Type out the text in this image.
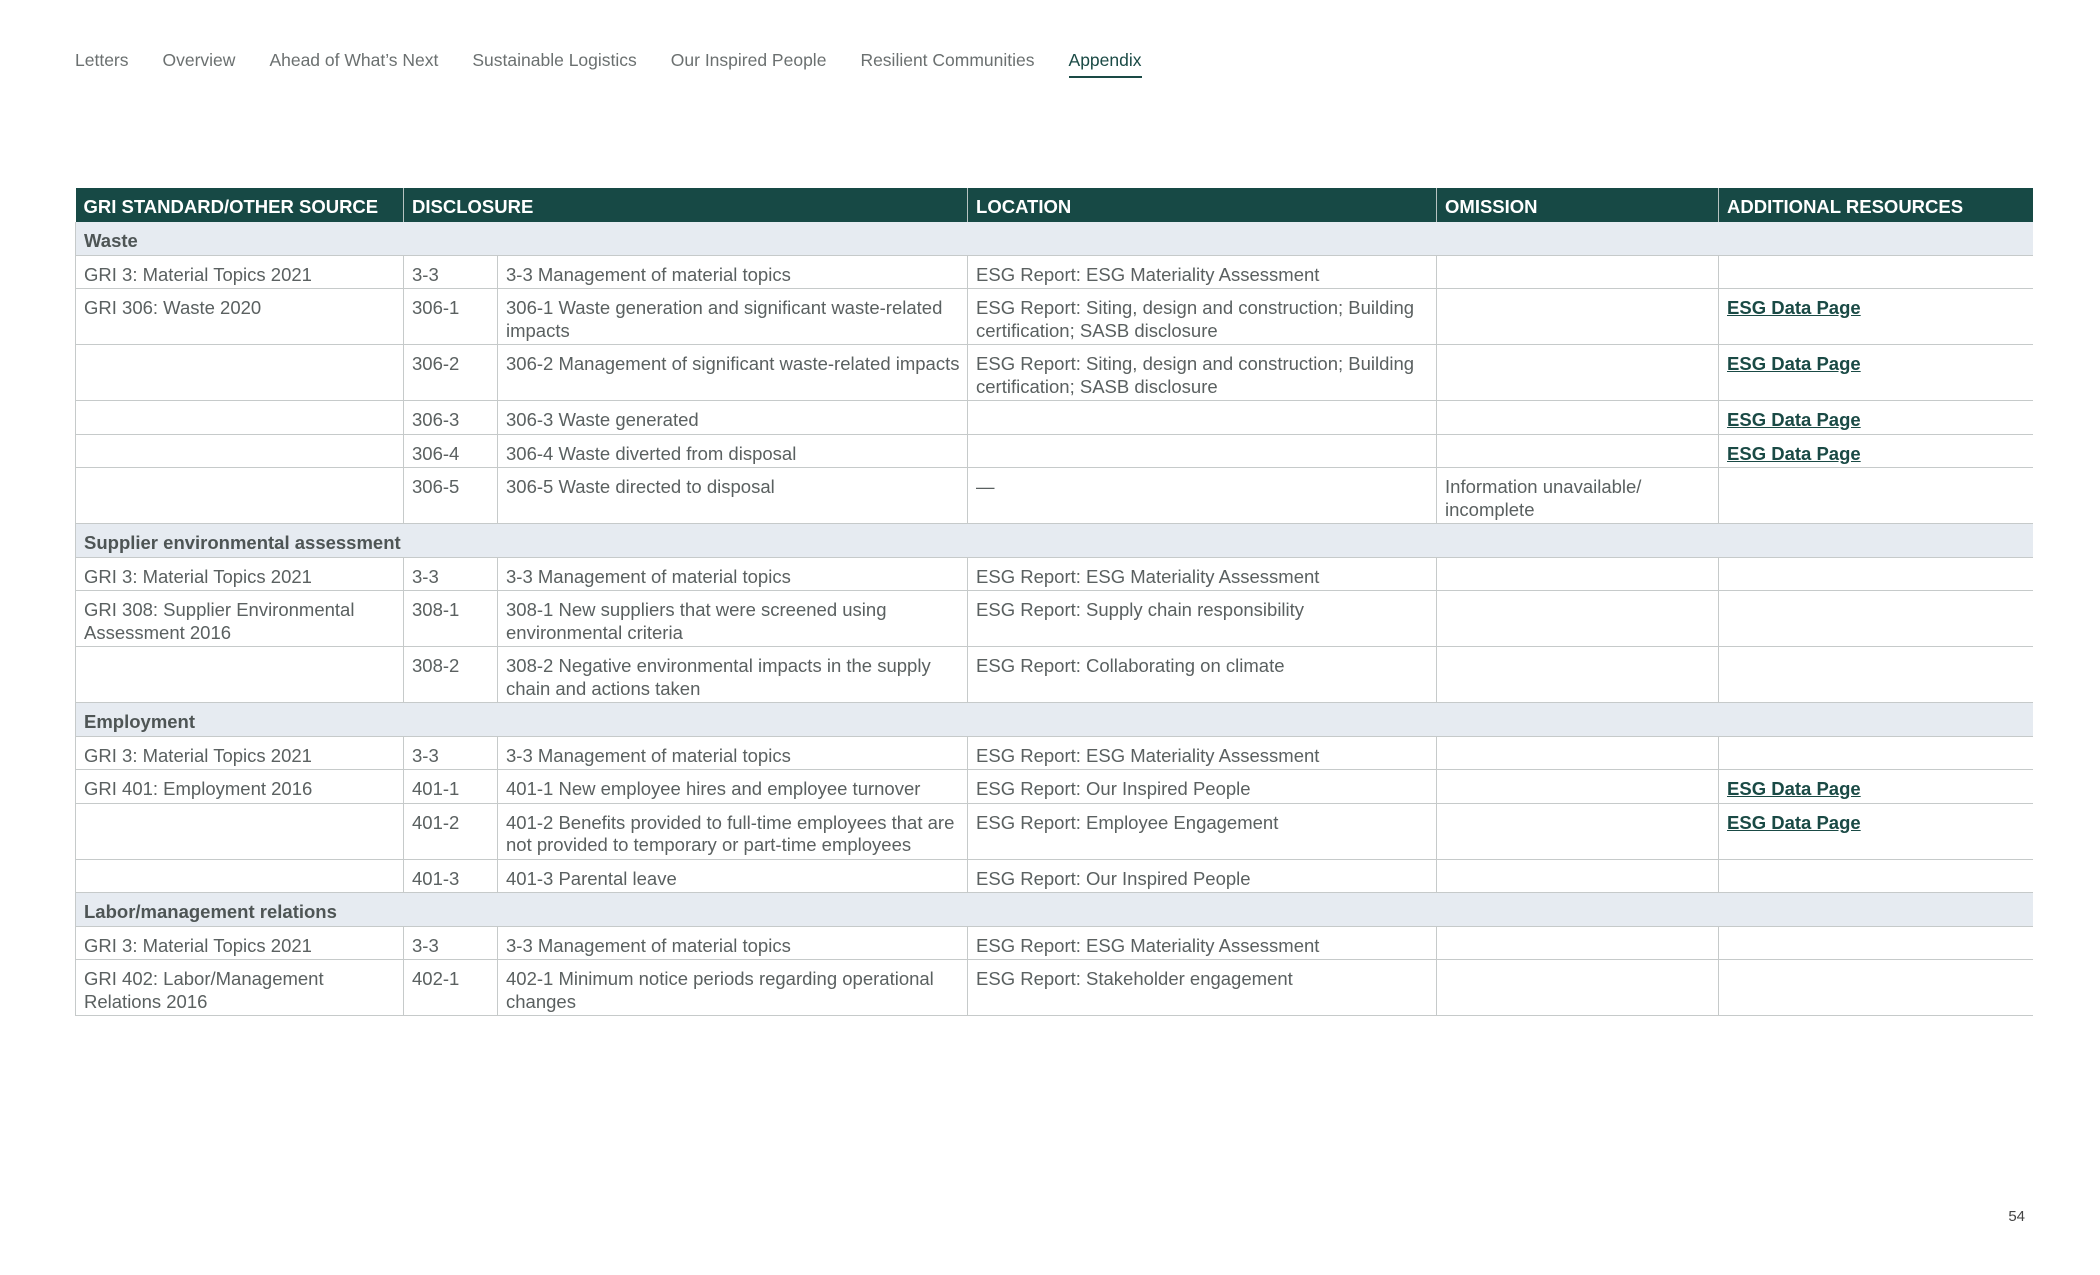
Letters Overview Ahead of What’s Next Sustainable Logistics Our Inspired People Resilient Communities Appendix
GRI STANDARD/OTHER SOURCE	DISCLOSURE		LOCATION	OMISSION	ADDITIONAL RESOURCES
Waste					
GRI 3: Material Topics 2021	3-3	3-3 Management of material topics	ESG Report: ESG Materiality Assessment		
GRI 306: Waste 2020	306-1	306-1 Waste generation and significant waste-related impacts	ESG Report: Siting, design and construction; Building certification; SASB disclosure		ESG Data Page
	306-2	306-2 Management of significant waste-related impacts	ESG Report: Siting, design and construction; Building certification; SASB disclosure		ESG Data Page
	306-3	306-3 Waste generated			ESG Data Page
	306-4	306-4 Waste diverted from disposal			ESG Data Page
	306-5	306-5 Waste directed to disposal	—	Information unavailable/ incomplete	
Supplier environmental assessment					
GRI 3: Material Topics 2021	3-3	3-3 Management of material topics	ESG Report: ESG Materiality Assessment		
GRI 308: Supplier Environmental Assessment 2016	308-1	308-1 New suppliers that were screened using environmental criteria	ESG Report: Supply chain responsibility		
	308-2	308-2 Negative environmental impacts in the supply chain and actions taken	ESG Report: Collaborating on climate		
Employment					
GRI 3: Material Topics 2021	3-3	3-3 Management of material topics	ESG Report: ESG Materiality Assessment		
GRI 401: Employment 2016	401-1	401-1 New employee hires and employee turnover	ESG Report: Our Inspired People		ESG Data Page
	401-2	401-2 Benefits provided to full-time employees that are not provided to temporary or part-time employees	ESG Report: Employee Engagement		ESG Data Page
	401-3	401-3 Parental leave	ESG Report: Our Inspired People		
Labor/management relations					
GRI 3: Material Topics 2021	3-3	3-3 Management of material topics	ESG Report: ESG Materiality Assessment		
GRI 402: Labor/Management Relations 2016	402-1	402-1 Minimum notice periods regarding operational changes	ESG Report: Stakeholder engagement		
54
